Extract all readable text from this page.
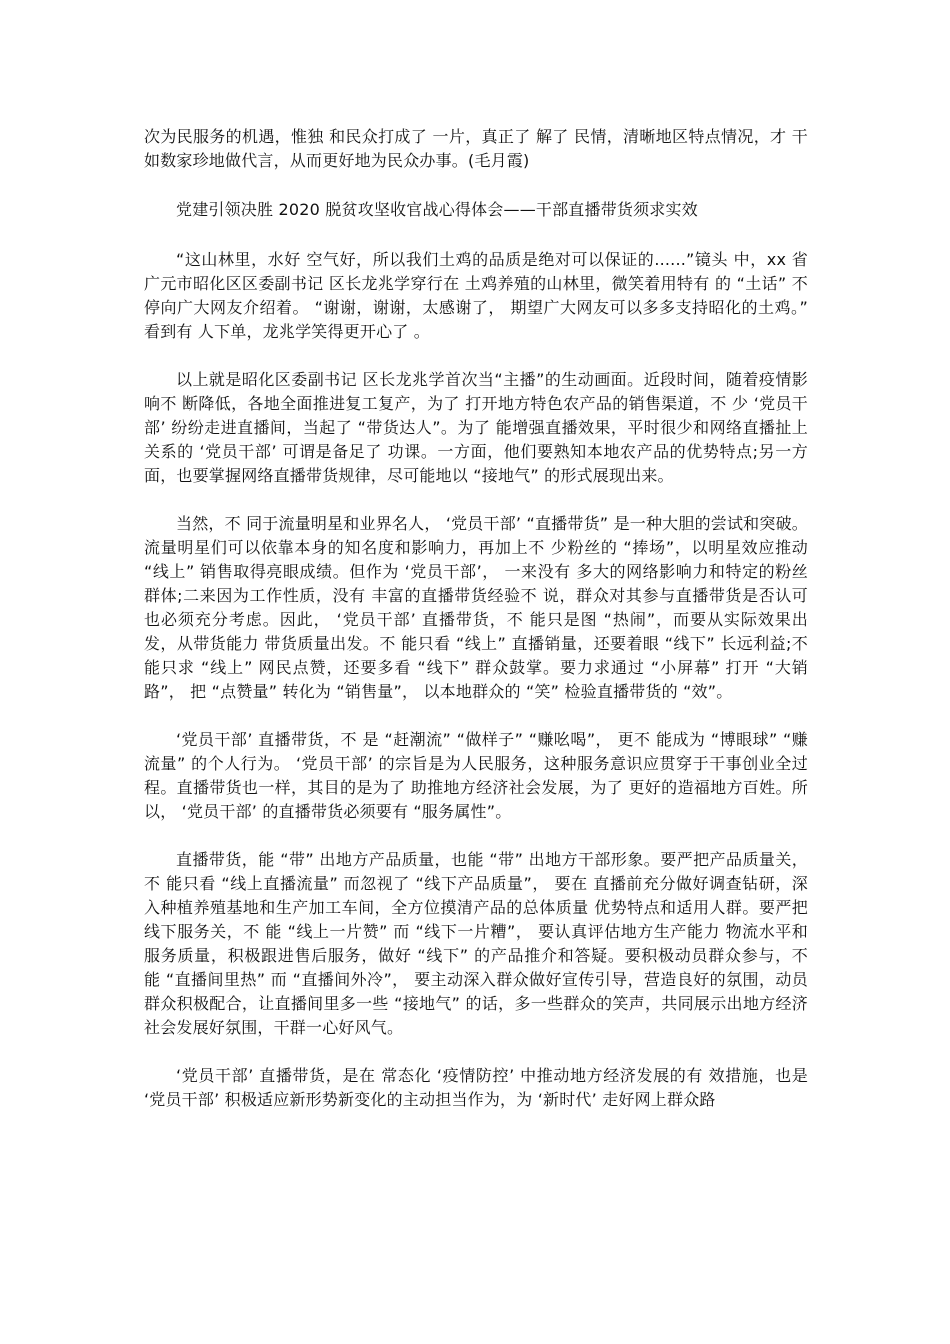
次为民服务的机遇，惟独 和民众打成了 一片，真正了 解了 民情，清晰地区特点情况，才 干如数家珍地做代言，从而更好地为民众办事。(毛月霞)

党建引领决胜 2020 脱贫攻坚收官战心得体会——干部直播带货须求实效

“这山林里，水好 空气好，所以我们土鸡的品质是绝对可以保证的......”镜头 中，xx 省广元市昭化区区委副书记 区长龙兆学穿行在 土鸡养殖的山林里，微笑着用特有 的 “土话” 不 停向广大网友介绍着。 “谢谢，谢谢，太感谢了， 期望广大网友可以多多支持昭化的土鸡。” 看到有 人下单，龙兆学笑得更开心了 。

以上就是昭化区委副书记 区长龙兆学首次当“主播”的生动画面。近段时间，随着疫情影响不 断降低，各地全面推进复工复产，为了 打开地方特色农产品的销售渠道，不 少 ‘党员干部’ 纷纷走进直播间，当起了 “带货达人”。为了 能增强直播效果，平时很少和网络直播扯上关系的 ‘党员干部’ 可谓是备足了 功课。一方面，他们要熟知本地农产品的优势特点;另一方面，也要掌握网络直播带货规律，尽可能地以 “接地气” 的形式展现出来。

当然，不 同于流量明星和业界名人， ‘党员干部’ “直播带货” 是一种大胆的尝试和突破。流量明星们可以依靠本身的知名度和影响力，再加上不 少粉丝的 “捧场”，以明星效应推动 “线上” 销售取得亮眼成绩。但作为 ‘党员干部’， 一来没有 多大的网络影响力和特定的粉丝群体;二来因为工作性质，没有 丰富的直播带货经验不 说，群众对其参与直播带货是否认可也必须充分考虑。因此， ‘党员干部’ 直播带货，不 能只是图 “热闹”，而要从实际效果出发，从带货能力 带货质量出发。不 能只看 “线上” 直播销量，还要着眼 “线下” 长远利益;不 能只求 “线上” 网民点赞，还要多看 “线下” 群众鼓掌。要力求通过 “小屏幕” 打开 “大销路”， 把 “点赞量” 转化为 “销售量”， 以本地群众的 “笑” 检验直播带货的 “效”。

‘党员干部’ 直播带货，不 是 “赶潮流” “做样子” “赚吆喝”， 更不 能成为 “博眼球” “赚流量” 的个人行为。 ‘党员干部’ 的宗旨是为人民服务，这种服务意识应贯穿于干事创业全过程。直播带货也一样，其目的是为了 助推地方经济社会发展，为了 更好的造福地方百姓。所以， ‘党员干部’ 的直播带货必须要有 “服务属性”。

直播带货，能 “带” 出地方产品质量，也能 “带” 出地方干部形象。要严把产品质量关，不 能只看 “线上直播流量” 而忽视了 “线下产品质量”， 要在 直播前充分做好调查钻研，深入种植养殖基地和生产加工车间，全方位摸清产品的总体质量 优势特点和适用人群。要严把线下服务关，不 能 “线上一片赞” 而 “线下一片糟”， 要认真评估地方生产能力 物流水平和服务质量，积极跟进售后服务，做好 “线下” 的产品推介和答疑。要积极动员群众参与，不 能 “直播间里热” 而 “直播间外冷”， 要主动深入群众做好宣传引导，营造良好的氛围，动员群众积极配合，让直播间里多一些 “接地气” 的话，多一些群众的笑声，共同展示出地方经济社会发展好氛围，干群一心好风气。

‘党员干部’ 直播带货，是在 常态化 ‘疫情防控’ 中推动地方经济发展的有 效措施，也是 ‘党员干部’ 积极适应新形势新变化的主动担当作为，为 ‘新时代’ 走好网上群众路
